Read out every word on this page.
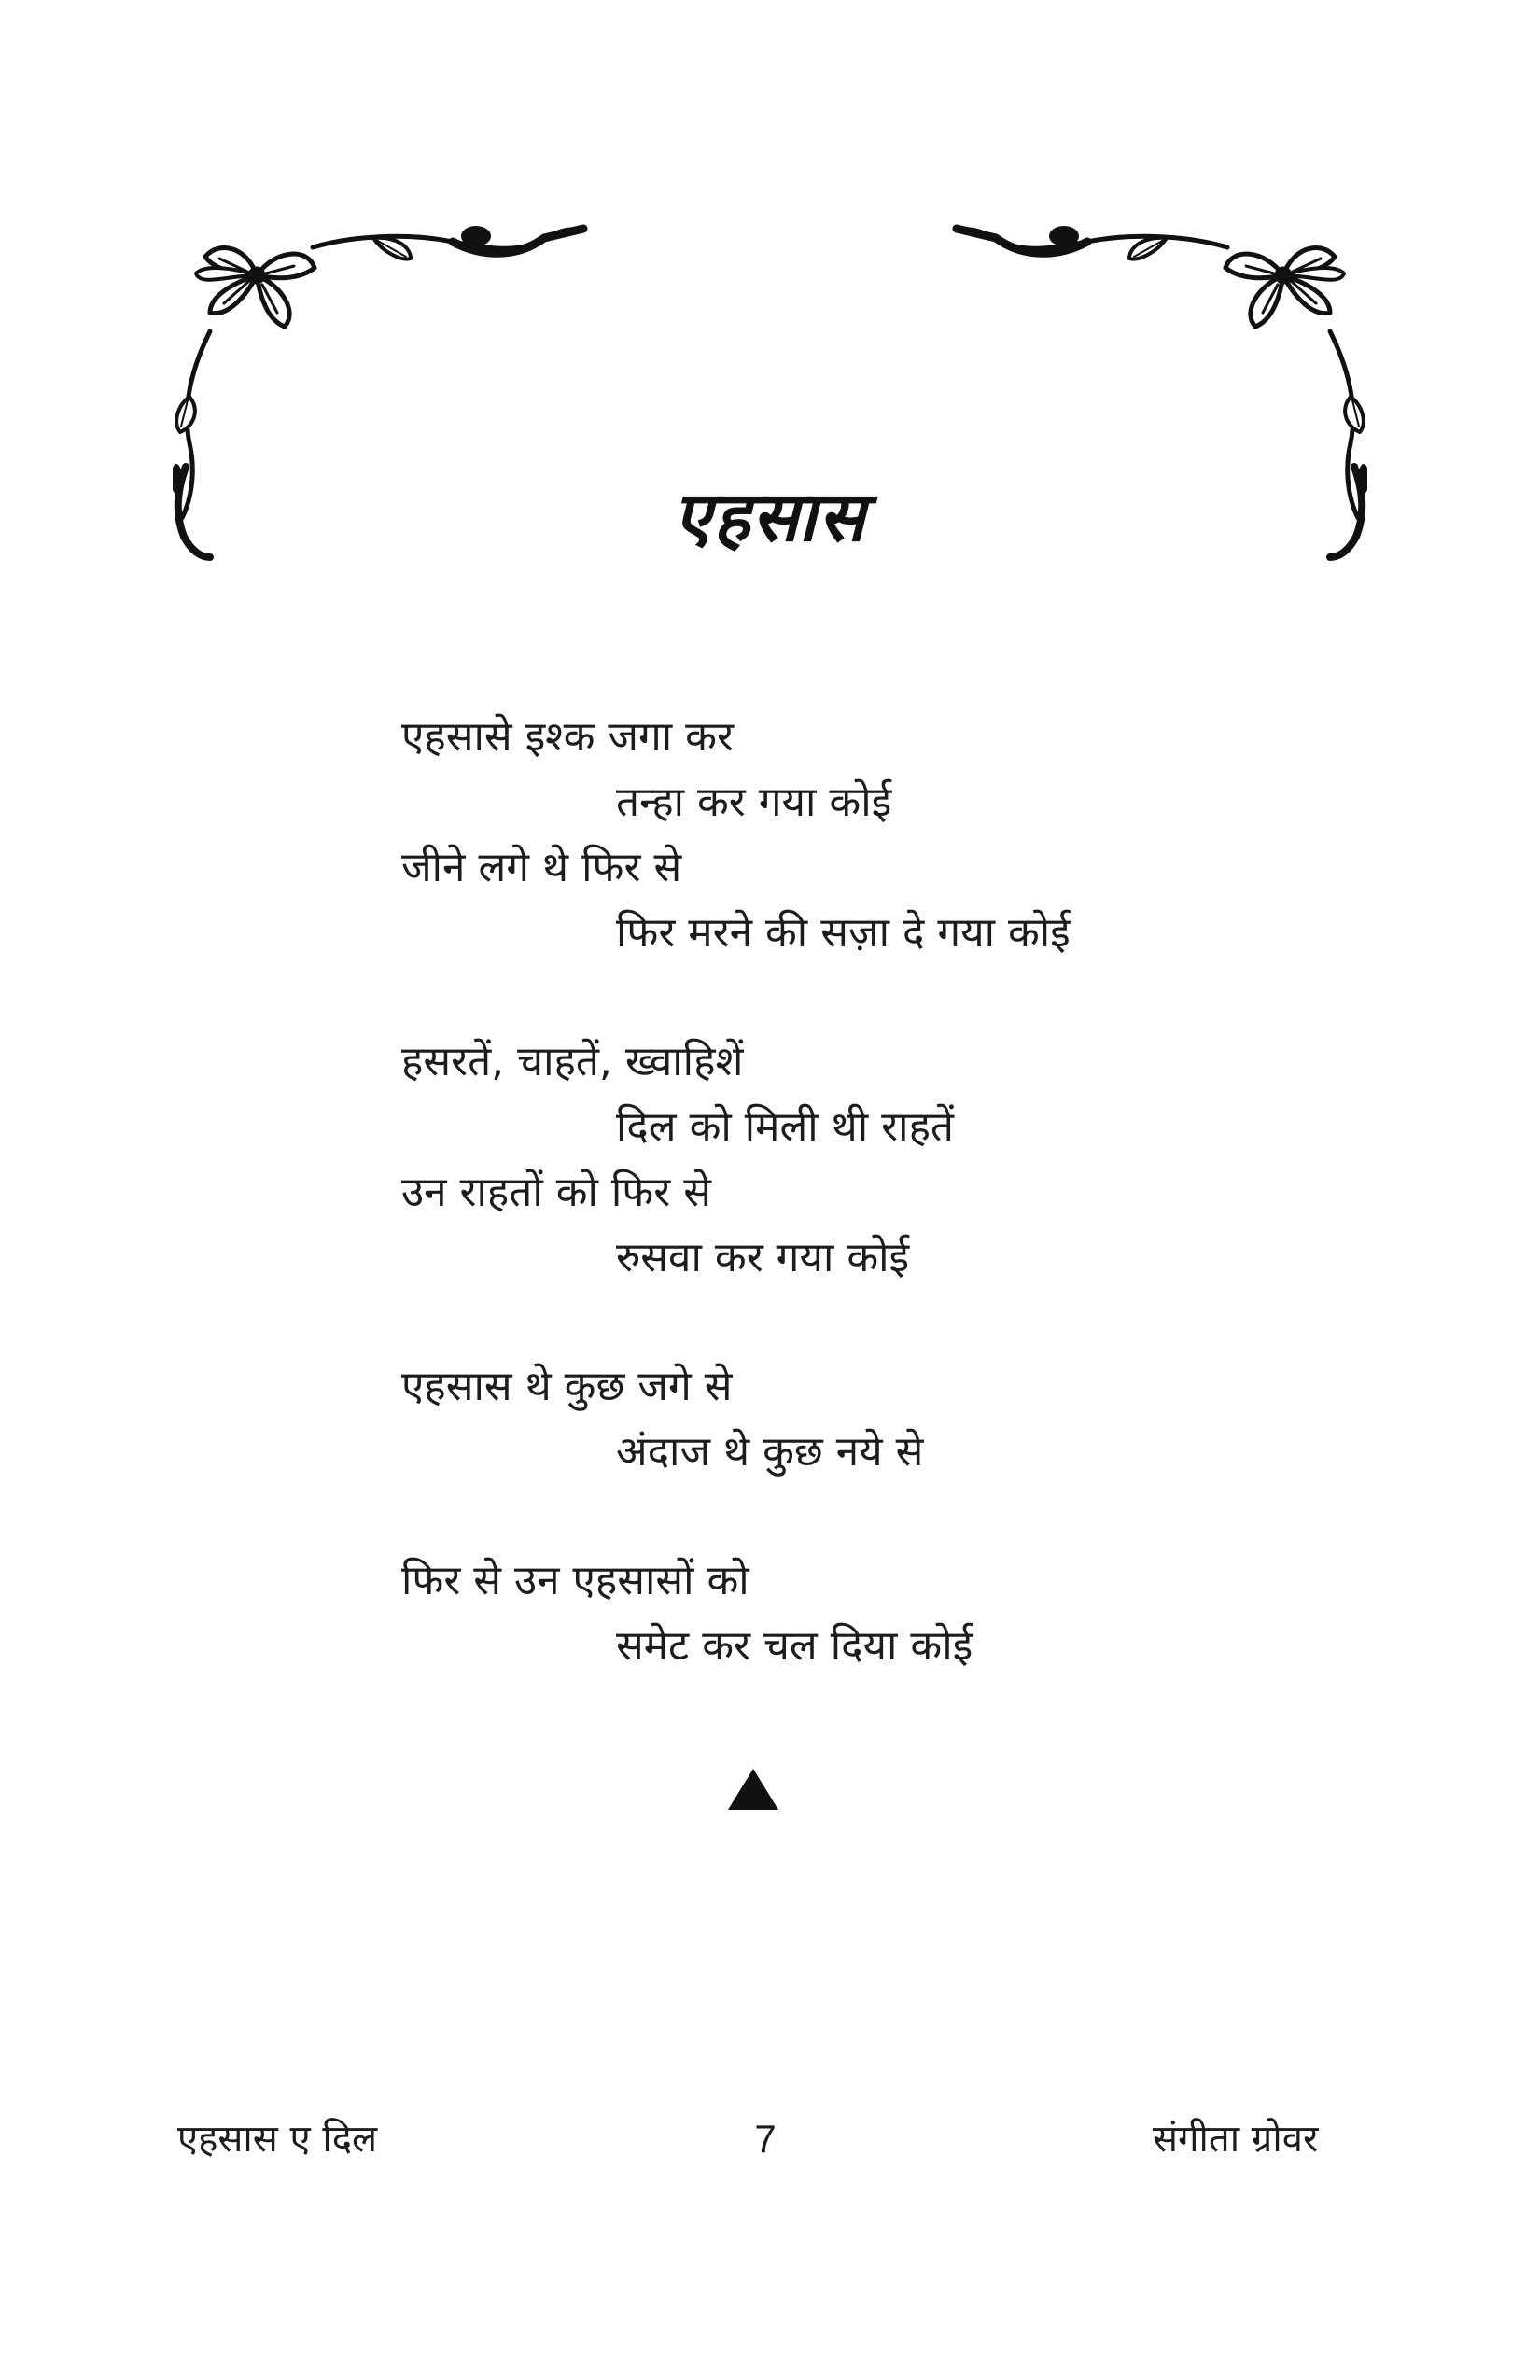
एहसास
एहसासे इश्क जगा कर
तन्हा कर गया कोई
जीने लगे थे फिर से
फिर मरने की सज़ा दे गया कोई
हसरतें, चाहतें, ख्वाहिशें
दिल को मिली थी राहतें
उन राहतों को फिर से
रुसवा कर गया कोई
एहसास थे कुछ जगे से
अंदाज थे कुछ नये से
फिर से उन एहसासों को
समेट कर चल दिया कोई
एहसास ए दिल	7	संगीता ग्रोवर
